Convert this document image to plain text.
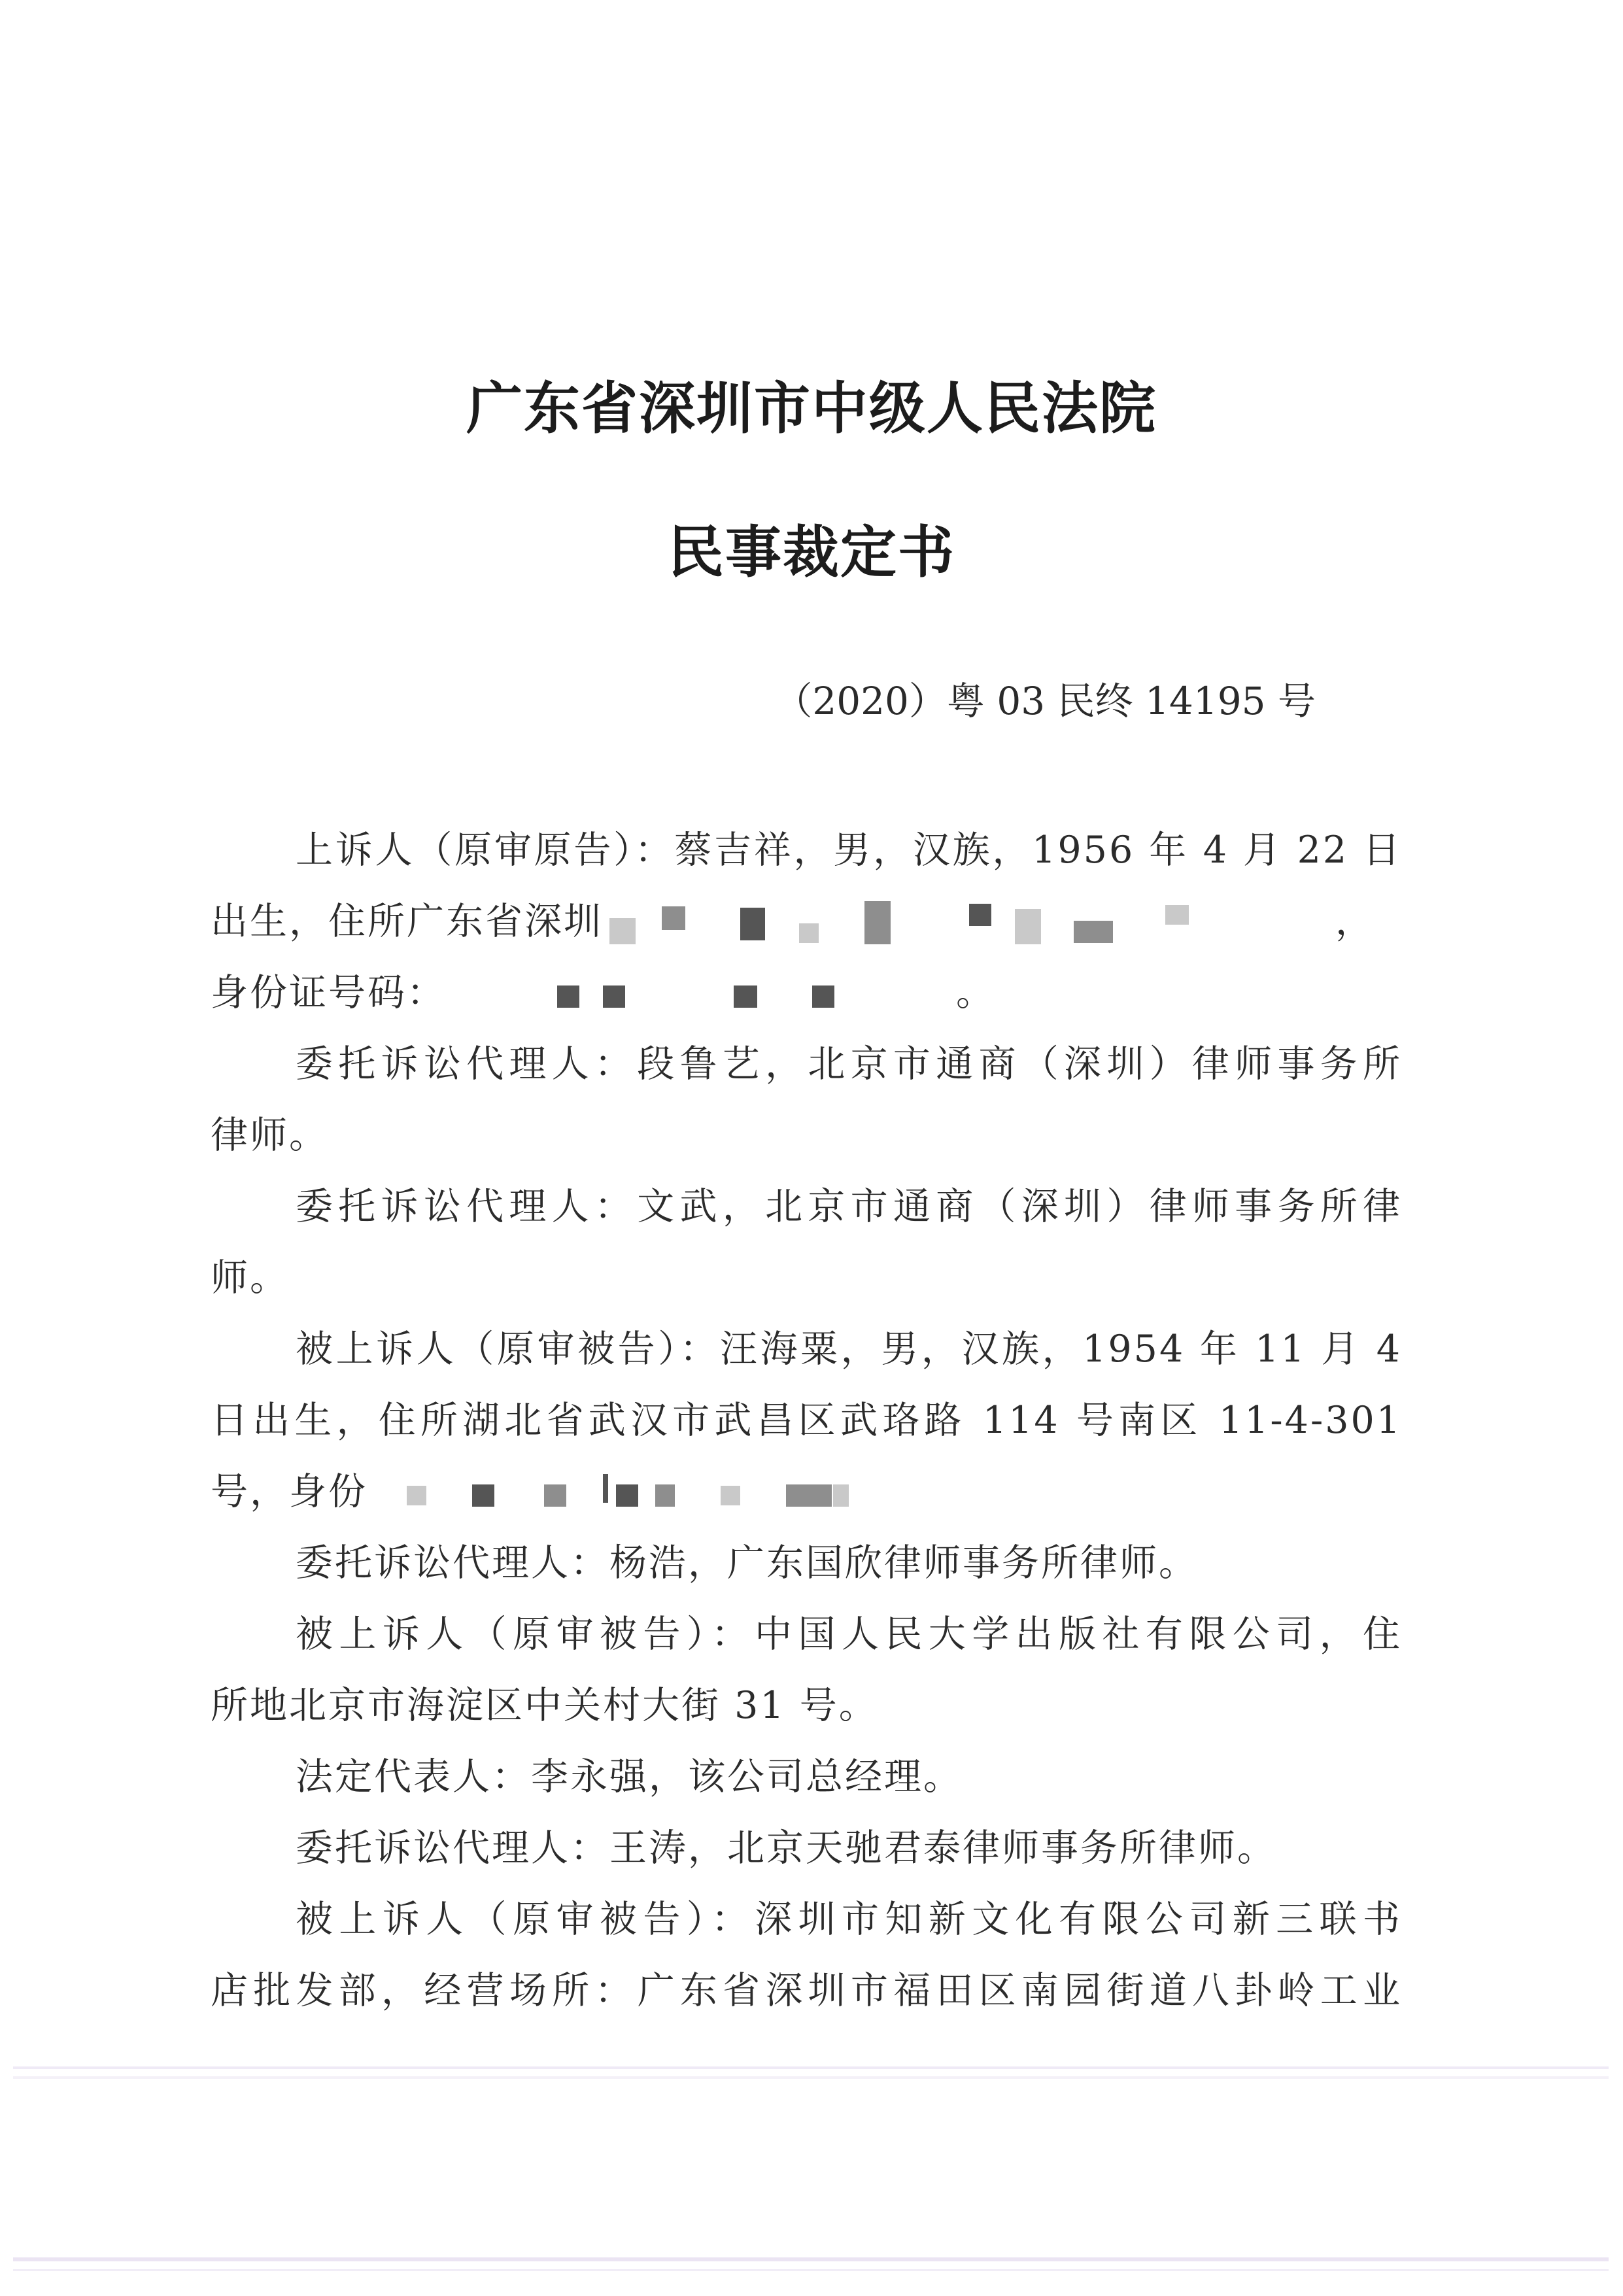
广东省深圳市中级人民法院
民事裁定书
（2020）粤 03 民终 14195 号
上诉人（原审原告）：蔡吉祥，男，汉族，1956 年 4 月 22 日
出生，住所广东省深圳	，
身份证号码：	。
委托诉讼代理人：段鲁艺，北京市通商（深圳）律师事务所
律师。
委托诉讼代理人：文武，北京市通商（深圳）律师事务所律
师。
被上诉人（原审被告）：汪海粟，男，汉族，1954 年 11 月 4
日出生，住所湖北省武汉市武昌区武珞路 114 号南区 11-4-301
号，身份
委托诉讼代理人：杨浩，广东国欣律师事务所律师。
被上诉人（原审被告）：中国人民大学出版社有限公司，住
所地北京市海淀区中关村大街 31 号。
法定代表人：李永强，该公司总经理。
委托诉讼代理人：王涛，北京天驰君泰律师事务所律师。
被上诉人（原审被告）：深圳市知新文化有限公司新三联书
店批发部，经营场所：广东省深圳市福田区南园街道八卦岭工业
